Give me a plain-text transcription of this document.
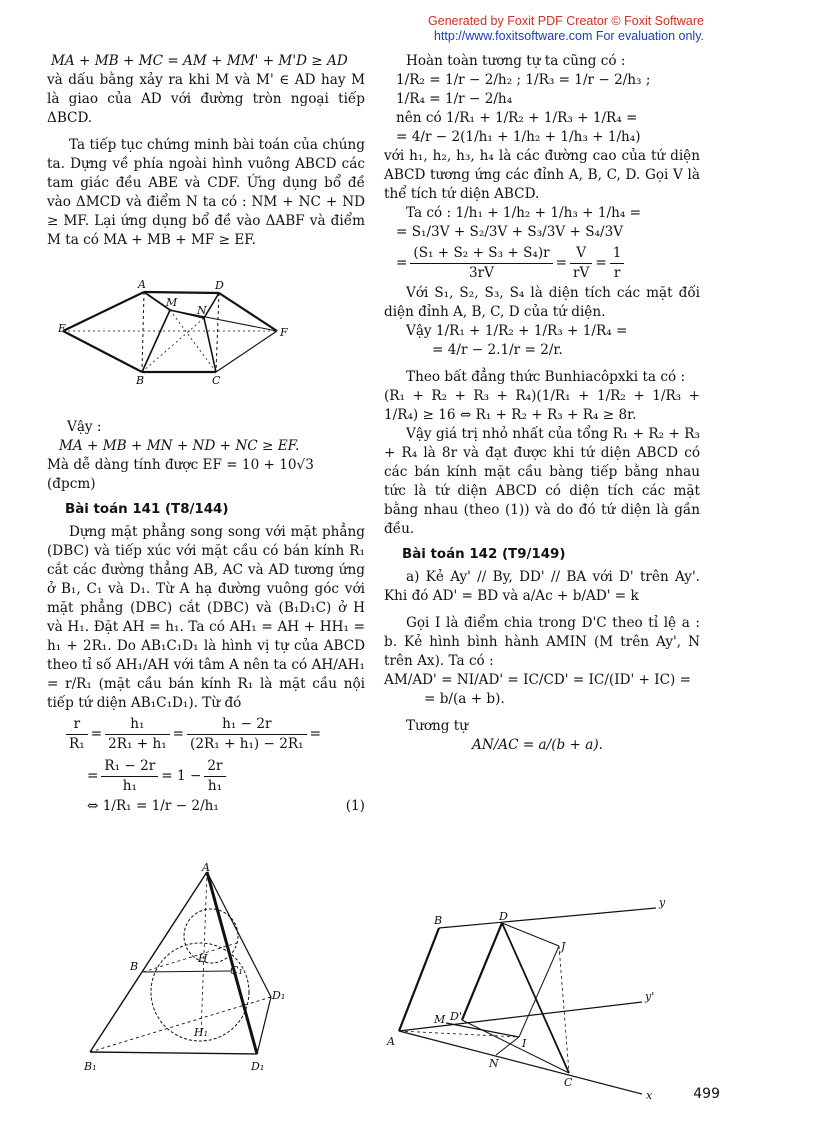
Generated by Foxit PDF Creator © Foxit Software
http://www.foxitsoftware.com For evaluation only.
MA + MB + MC = AM + MM' + M'D ≥ AD
và dấu bằng xảy ra khi M và M' ∈ AD hay M là giao của AD với đường tròn ngoại tiếp ΔBCD.
Ta tiếp tục chứng minh bài toán của chúng ta. Dựng về phía ngoài hình vuông ABCD các tam giác đều ABE và CDF. Ứng dụng bổ đề vào ΔMCD và điểm N ta có : NM + NC + ND ≥ MF. Lại ứng dụng bổ đề vào ΔABF và điểm M ta có MA + MB + MF ≥ EF.
Vậy :
MA + MB + MN + ND + NC ≥ EF.
Mà dễ dàng tính được EF = 10 + 10√3 (đpcm)
Bài toán 141 (T8/144)
Dựng mặt phẳng song song với mặt phẳng (DBC) và tiếp xúc với mặt cầu có bán kính R₁ cắt các đường thẳng AB, AC và AD tương ứng ở B₁, C₁ và D₁. Từ A hạ đường vuông góc với mặt phẳng (DBC) cắt (DBC) và (B₁D₁C) ở H và H₁. Đặt AH = h₁. Ta có AH₁ = AH + HH₁ = h₁ + 2R₁. Do AB₁C₁D₁ là hình vị tự của ABCD theo tỉ số AH₁/AH với tâm A nên ta có AH/AH₁ = r/R₁ (mặt cầu bán kính R₁ là mặt cầu nội tiếp tứ diện AB₁C₁D₁). Từ đó
$\frac{r}{\text{R₁}} = \frac{\text{h₁}}{\text{2R₁ + h₁}} = \frac{\text{h₁ − 2r}}{\text{(2R₁ + h₁) − 2R₁}}$ =
= $\frac{\text{R₁ − 2r}}{\text{h₁}} = 1 - \frac{2r}{\text{h₁}}$
⇔ 1/R₁ = 1/r − 2/h₁	(1)
Hoàn toàn tương tự ta cũng có :
1/R₂ = 1/r − 2/h₂ ; 1/R₃ = 1/r − 2/h₃ ;
1/R₄ = 1/r − 2/h₄
nên có 1/R₁ + 1/R₂ + 1/R₃ + 1/R₄ =
= 4/r − 2(1/h₁ + 1/h₂ + 1/h₃ + 1/h₄)
với h₁, h₂, h₃, h₄ là các đường cao của tứ diện ABCD tương ứng các đỉnh A, B, C, D. Gọi V là thể tích tứ diện ABCD.
Ta có : 1/h₁ + 1/h₂ + 1/h₃ + 1/h₄ =
= S₁/3V + S₂/3V + S₃/3V + S₄/3V
= $\frac{\text{(S₁ + S₂ + S₃ + S₄)r}}{3rV} = \frac{V}{rV} = \frac{1}{r}$
Với S₁, S₂, S₃, S₄ là diện tích các mặt đối diện đỉnh A, B, C, D của tứ diện.
Vậy 1/R₁ + 1/R₂ + 1/R₃ + 1/R₄ =
= 4/r − 2.1/r = 2/r.
Theo bất đẳng thức Bunhiacôpxki ta có :
(R₁ + R₂ + R₃ + R₄)(1/R₁ + 1/R₂ + 1/R₃ + 1/R₄) ≥ 16 ⇔ R₁ + R₂ + R₃ + R₄ ≥ 8r.
Vậy giá trị nhỏ nhất của tổng R₁ + R₂ + R₃ + R₄ là 8r và đạt được khi tứ diện ABCD có các bán kính mặt cầu bàng tiếp bằng nhau tức là tứ diện ABCD có diện tích các mặt bằng nhau (theo (1)) và do đó tứ diện là gần đều.
Bài toán 142 (T9/149)
a) Kẻ Ay' // By, DD' // BA với D' trên Ay'. Khi đó AD' = BD và a/Ac + b/AD' = k
Gọi I là điểm chia trong D'C theo tỉ lệ a : b. Kẻ hình bình hành AMIN (M trên Ay', N trên Ax). Ta có :
AM/AD' = NI/AD' = IC/CD' = IC/(ID' + IC) =
= b/(a + b).
Tương tự
AN/AC = a/(b + a).
A	D
M
N
E	F
B	C
A
B
H
C₁
D₁
H₁
B₁	D₁
B	D
y
J
y'
M D'
A	I
N
C
x	499
